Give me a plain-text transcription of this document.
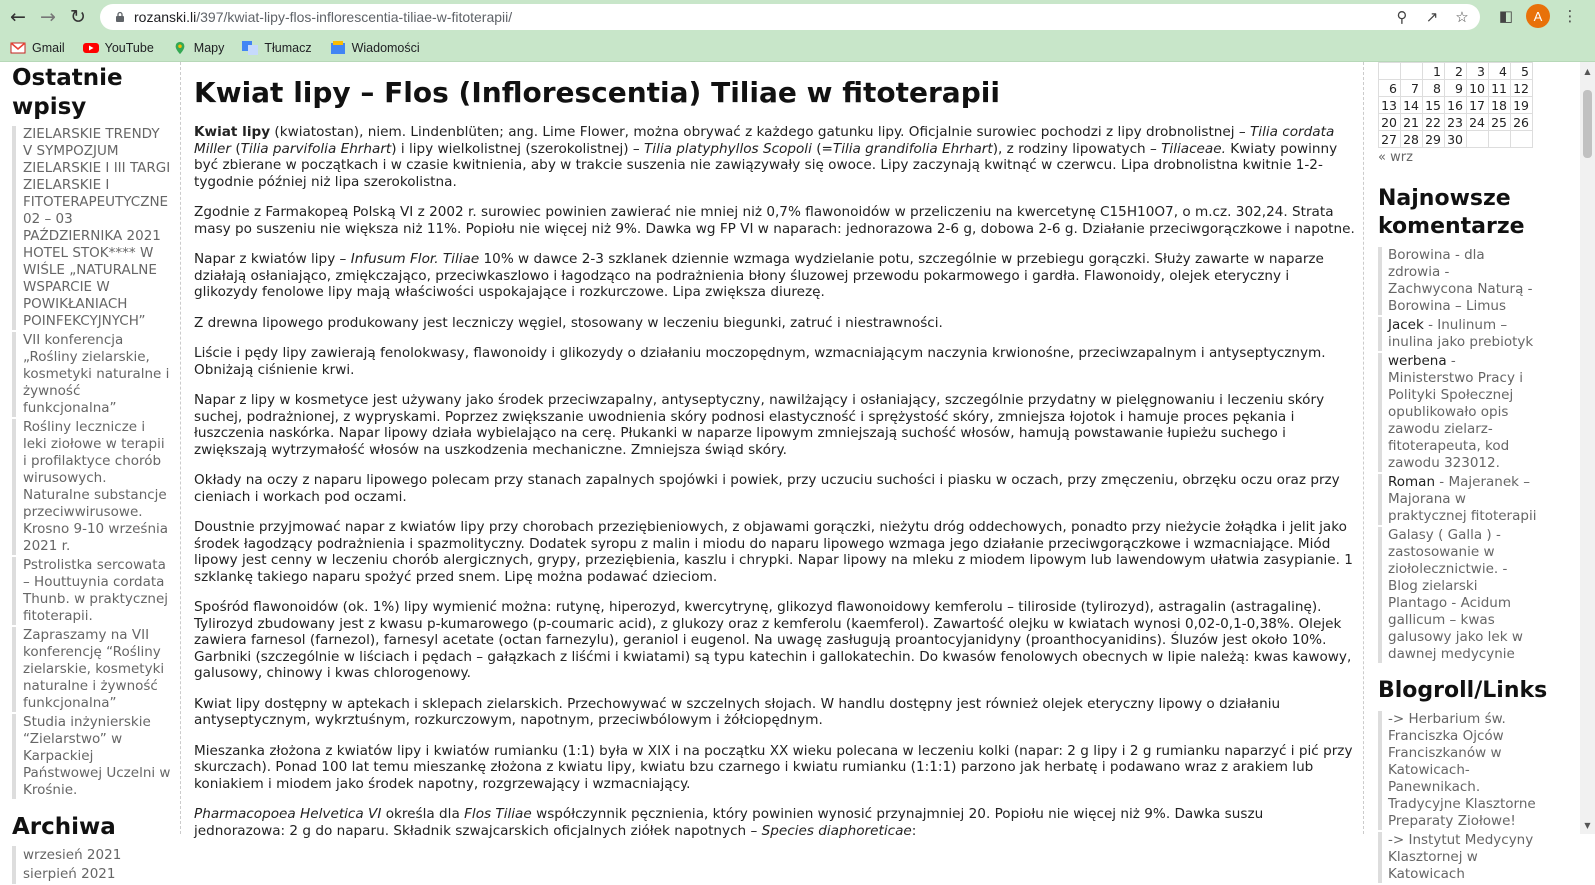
← → ↻	rozanski.li/397/kwiat-lipy-flos-inflorescentia-tiliae-w-fitoterapii/	⚲	↗ ☆ ◧	A	⋮
Gmail	YouTube	Mapy	Tłumacz	Wiadomości
Ostatnie wpisy
ZIELARSKIE TRENDY V SYMPOZJUM ZIELARSKIE I III TARGI ZIELARSKIE I FITOTERAPEUTYCZNE 02 – 03 PAŹDZIERNIKA 2021 HOTEL STOK**** W WIŚLE „NATURALNE WSPARCIE W POWIKŁANIACH POINFEKCYJNYCH”
VII konferencja „Rośliny zielarskie, kosmetyki naturalne i żywność funkcjonalna”
Rośliny lecznicze i leki ziołowe w terapii i profilaktyce chorób wirusowych. Naturalne substancje przeciwwirusowe. Krosno 9-10 września 2021 r.
Pstrolistka sercowata – Houttuynia cordata Thunb. w praktycznej fitoterapii.
Zapraszamy na VII konferencję “Rośliny zielarskie, kosmetyki naturalne i żywność funkcjonalna”
Studia inżynierskie “Zielarstwo” w Karpackiej Państwowej Uczelni w Krośnie.
Archiwa
wrzesień 2021
sierpień 2021
Kwiat lipy – Flos (Inflorescentia) Tiliae w fitoterapii

Kwiat lipy (kwiatostan), niem. Lindenblüten; ang. Lime Flower, można obrywać z każdego gatunku lipy. Oficjalnie surowiec pochodzi z lipy drobnolistnej – Tilia cordata Miller (Tilia parvifolia Ehrhart) i lipy wielkolistnej (szerokolistnej) – Tilia platyphyllos Scopoli (=Tilia grandifolia Ehrhart), z rodziny lipowatych – Tiliaceae. Kwiaty powinny być zbierane w początkach i w czasie kwitnienia, aby w trakcie suszenia nie zawiązywały się owoce. Lipy zaczynają kwitnąć w czerwcu. Lipa drobnolistna kwitnie 1-2-tygodnie później niż lipa szerokolistna.

Zgodnie z Farmakopeą Polską VI z 2002 r. surowiec powinien zawierać nie mniej niż 0,7% flawonoidów w przeliczeniu na kwercetynę C15H10O7, o m.cz. 302,24. Strata masy po suszeniu nie większa niż 11%. Popiołu nie więcej niż 9%. Dawka wg FP VI w naparach: jednorazowa 2-6 g, dobowa 2-6 g. Działanie przeciwgorączkowe i napotne.

Napar z kwiatów lipy – Infusum Flor. Tiliae 10% w dawce 2-3 szklanek dziennie wzmaga wydzielanie potu, szczególnie w przebiegu gorączki. Służy zawarte w naparze działają osłaniająco, zmiękczająco, przeciwkaszlowo i łagodząco na podrażnienia błony śluzowej przewodu pokarmowego i gardła. Flawonoidy, olejek eteryczny i glikozydy fenolowe lipy mają właściwości uspokajające i rozkurczowe. Lipa zwiększa diurezę.

Z drewna lipowego produkowany jest leczniczy węgiel, stosowany w leczeniu biegunki, zatruć i niestrawności.

Liście i pędy lipy zawierają fenolokwasy, flawonoidy i glikozydy o działaniu moczopędnym, wzmacniającym naczynia krwionośne, przeciwzapalnym i antyseptycznym. Obniżają ciśnienie krwi.

Napar z lipy w kosmetyce jest używany jako środek przeciwzapalny, antyseptyczny, nawilżający i osłaniający, szczególnie przydatny w pielęgnowaniu i leczeniu skóry suchej, podrażnionej, z wypryskami. Poprzez zwiększanie uwodnienia skóry podnosi elastyczność i sprężystość skóry, zmniejsza łojotok i hamuje proces pękania i łuszczenia naskórka. Napar lipowy działa wybielająco na cerę. Płukanki w naparze lipowym zmniejszają suchość włosów, hamują powstawanie łupieżu suchego i zwiększają wytrzymałość włosów na uszkodzenia mechaniczne. Zmniejsza świąd skóry.

Okłady na oczy z naparu lipowego polecam przy stanach zapalnych spojówki i powiek, przy uczuciu suchości i piasku w oczach, przy zmęczeniu, obrzęku oczu oraz przy cieniach i workach pod oczami.

Doustnie przyjmować napar z kwiatów lipy przy chorobach przeziębieniowych, z objawami gorączki, nieżytu dróg oddechowych, ponadto przy nieżycie żołądka i jelit jako środek łagodzący podrażnienia i spazmolityczny. Dodatek syropu z malin i miodu do naparu lipowego wzmaga jego działanie przeciwgorączkowe i wzmacniające. Miód lipowy jest cenny w leczeniu chorób alergicznych, grypy, przeziębienia, kaszlu i chrypki. Napar lipowy na mleku z miodem lipowym lub lawendowym ułatwia zasypianie. 1 szklankę takiego naparu spożyć przed snem. Lipę można podawać dzieciom.

Spośród flawonoidów (ok. 1%) lipy wymienić można: rutynę, hiperozyd, kwercytrynę, glikozyd flawonoidowy kemferolu – tiliroside (tylirozyd), astragalin (astragalinę). Tylirozyd zbudowany jest z kwasu p-kumarowego (p-coumaric acid), z glukozy oraz z kemferolu (kaemferol). Zawartość olejku w kwiatach wynosi 0,02-0,1-0,38%. Olejek zawiera farnesol (farnezol), farnesyl acetate (octan farnezylu), geraniol i eugenol. Na uwagę zasługują proantocyjanidyny (proanthocyanidins). Śluzów jest około 10%. Garbniki (szczególnie w liściach i pędach – gałązkach z liśćmi i kwiatami) są typu katechin i gallokatechin. Do kwasów fenolowych obecnych w lipie należą: kwas kawowy, galusowy, chinowy i kwas chlorogenowy.

Kwiat lipy dostępny w aptekach i sklepach zielarskich. Przechowywać w szczelnych słojach. W handlu dostępny jest również olejek eteryczny lipowy o działaniu antyseptycznym, wykrztuśnym, rozkurczowym, napotnym, przeciwbólowym i żółciopędnym.

Mieszanka złożona z kwiatów lipy i kwiatów rumianku (1:1) była w XIX i na początku XX wieku polecana w leczeniu kolki (napar: 2 g lipy i 2 g rumianku naparzyć i pić przy skurczach). Ponad 100 lat temu mieszankę złożona z kwiatu lipy, kwiatu bzu czarnego i kwiatu rumianku (1:1:1) parzono jak herbatę i podawano wraz z arakiem lub koniakiem i miodem jako środek napotny, rozgrzewający i wzmacniający.

Pharmacopoea Helvetica VI określa dla Flos Tiliae współczynnik pęcznienia, który powinien wynosić przynajmniej 20. Popiołu nie więcej niż 9%. Dawka suszu jednorazowa: 2 g do naparu. Składnik szwajcarskich oficjalnych ziółek napotnych – Species diaphoreticae:

		1	2	3	4	5
6	7	8	9	10	11	12
13	14	15	16	17	18	19
20	21	22	23	24	25	26
27	28	29	30			
« wrz
Najnowsze komentarze
Borowina - dla zdrowia - Zachwycona Naturą - Borowina – Limus
Jacek - Inulinum – inulina jako prebiotyk
werbena - Ministerstwo Pracy i Polityki Społecznej opublikowało opis zawodu zielarz-fitoterapeuta, kod zawodu 323012.
Roman - Majeranek – Majorana w praktycznej fitoterapii
Galasy ( Galla ) - zastosowanie w ziołolecznictwie. - Blog zielarski Plantago - Acidum gallicum – kwas galusowy jako lek w dawnej medycynie
Blogroll/Links
-> Herbarium św. Franciszka Ojców Franciszkanów w Katowicach-Panewnikach. Tradycyjne Klasztorne Preparaty Ziołowe!
-> Instytut Medycyny Klasztornej w Katowicach
▲
▼
